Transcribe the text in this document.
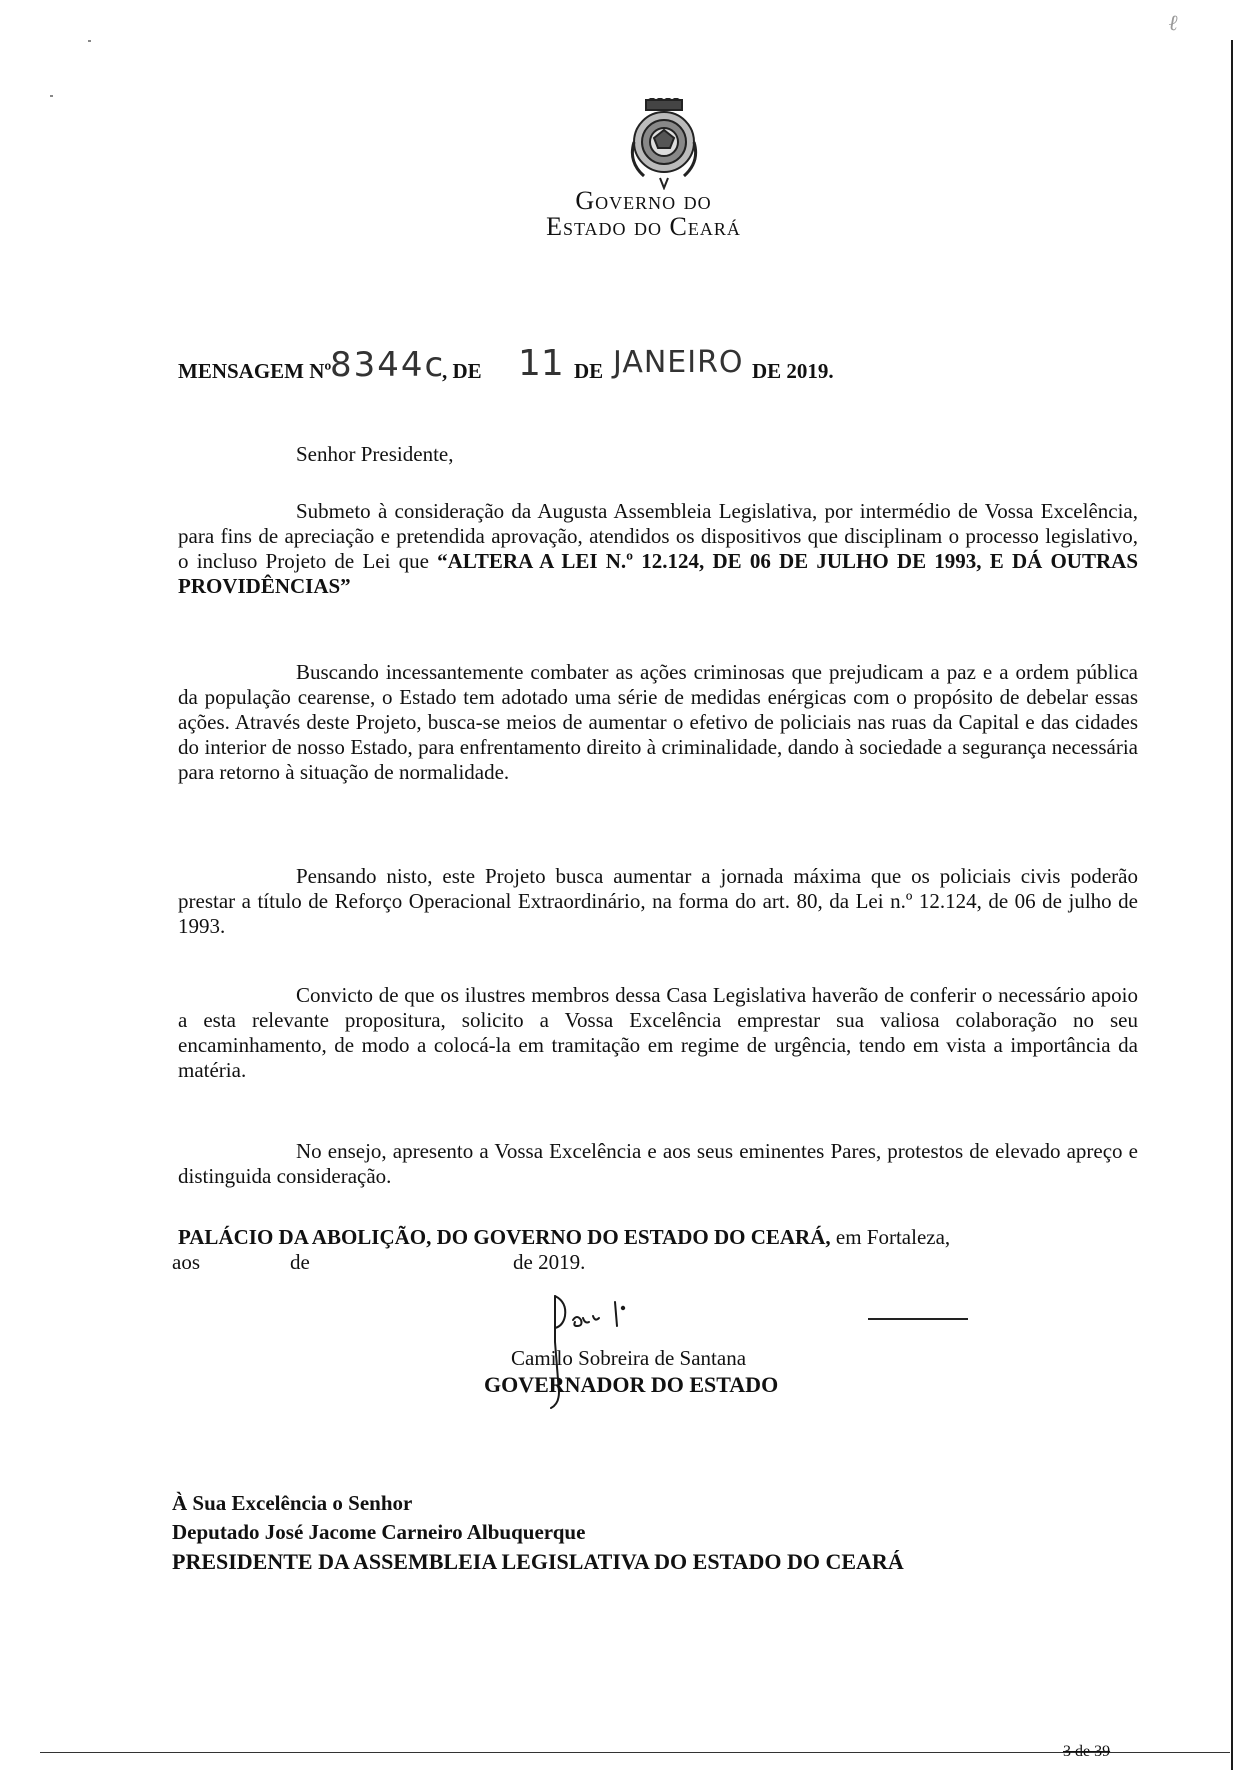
ℓ
Governo do
Estado do Ceará
MENSAGEM Nº
8344c
, DE 11 DE JANEIRO DE 2019.
Senhor Presidente,

Submeto à consideração da Augusta Assembleia Legislativa, por intermédio de Vossa Excelência, para fins de apreciação e pretendida aprovação, atendidos os dispositivos que disciplinam o processo legislativo, o incluso Projeto de Lei que “ALTERA A LEI N.º 12.124, DE 06 DE JULHO DE 1993, E DÁ OUTRAS PROVIDÊNCIAS”

Buscando incessantemente combater as ações criminosas que prejudicam a paz e a ordem pública da população cearense, o Estado tem adotado uma série de medidas enérgicas com o propósito de debelar essas ações. Através deste Projeto, busca-se meios de aumentar o efetivo de policiais nas ruas da Capital e das cidades do interior de nosso Estado, para enfrentamento direito à criminalidade, dando à sociedade a segurança necessária para retorno à situação de normalidade.

Pensando nisto, este Projeto busca aumentar a jornada máxima que os policiais civis poderão prestar a título de Reforço Operacional Extraordinário, na forma do art. 80, da Lei n.º 12.124, de 06 de julho de 1993.

Convicto de que os ilustres membros dessa Casa Legislativa haverão de conferir o necessário apoio a esta relevante propositura, solicito a Vossa Excelência emprestar sua valiosa colaboração no seu encaminhamento, de modo a colocá-la em tramitação em regime de urgência, tendo em vista a importância da matéria.

No ensejo, apresento a Vossa Excelência e aos seus eminentes Pares, protestos de elevado apreço e distinguida consideração.

PALÁCIO DA ABOLIÇÃO, DO GOVERNO DO ESTADO DO CEARÁ, em Fortaleza,

aos	de	de 2019.
Camilo Sobreira de Santana
GOVERNADOR DO ESTADO
À Sua Excelência o Senhor
Deputado José Jacome Carneiro Albuquerque
PRESIDENTE DA ASSEMBLEIA LEGISLATIVA DO ESTADO DO CEARÁ
3 de 39
